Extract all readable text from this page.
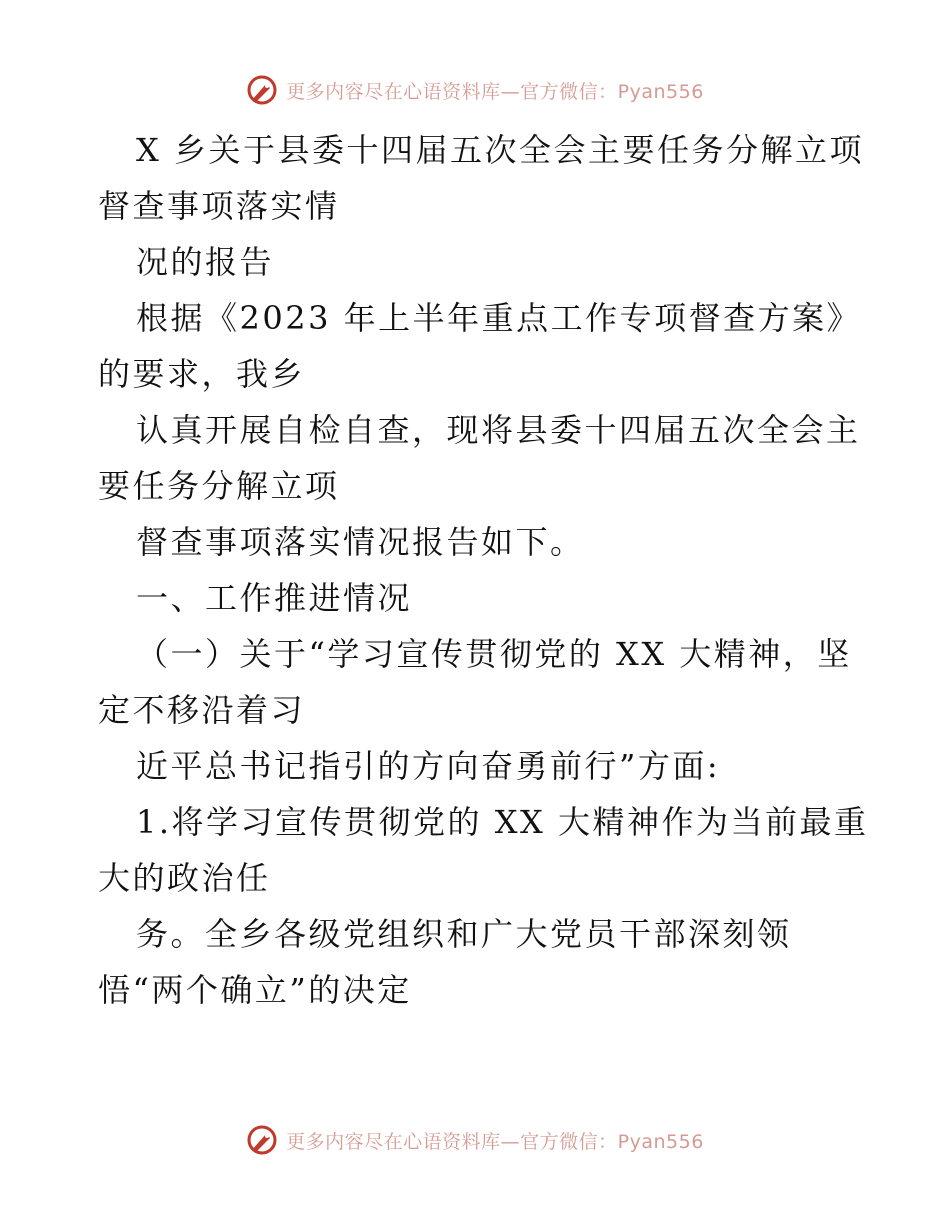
更多内容尽在心语资料库—官方微信：Pyan556
X 乡关于县委十四届五次全会主要任务分解立项
督查事项落实情
况的报告
根据《2023 年上半年重点工作专项督查方案》
的要求，我乡
认真开展自检自查，现将县委十四届五次全会主
要任务分解立项
督查事项落实情况报告如下。
一、工作推进情况
（一）关于“学习宣传贯彻党的 XX 大精神，坚
定不移沿着习
近平总书记指引的方向奋勇前行”方面:
1.将学习宣传贯彻党的 XX 大精神作为当前最重
大的政治任
务。全乡各级党组织和广大党员干部深刻领
悟“两个确立”的决定
更多内容尽在心语资料库—官方微信：Pyan556
